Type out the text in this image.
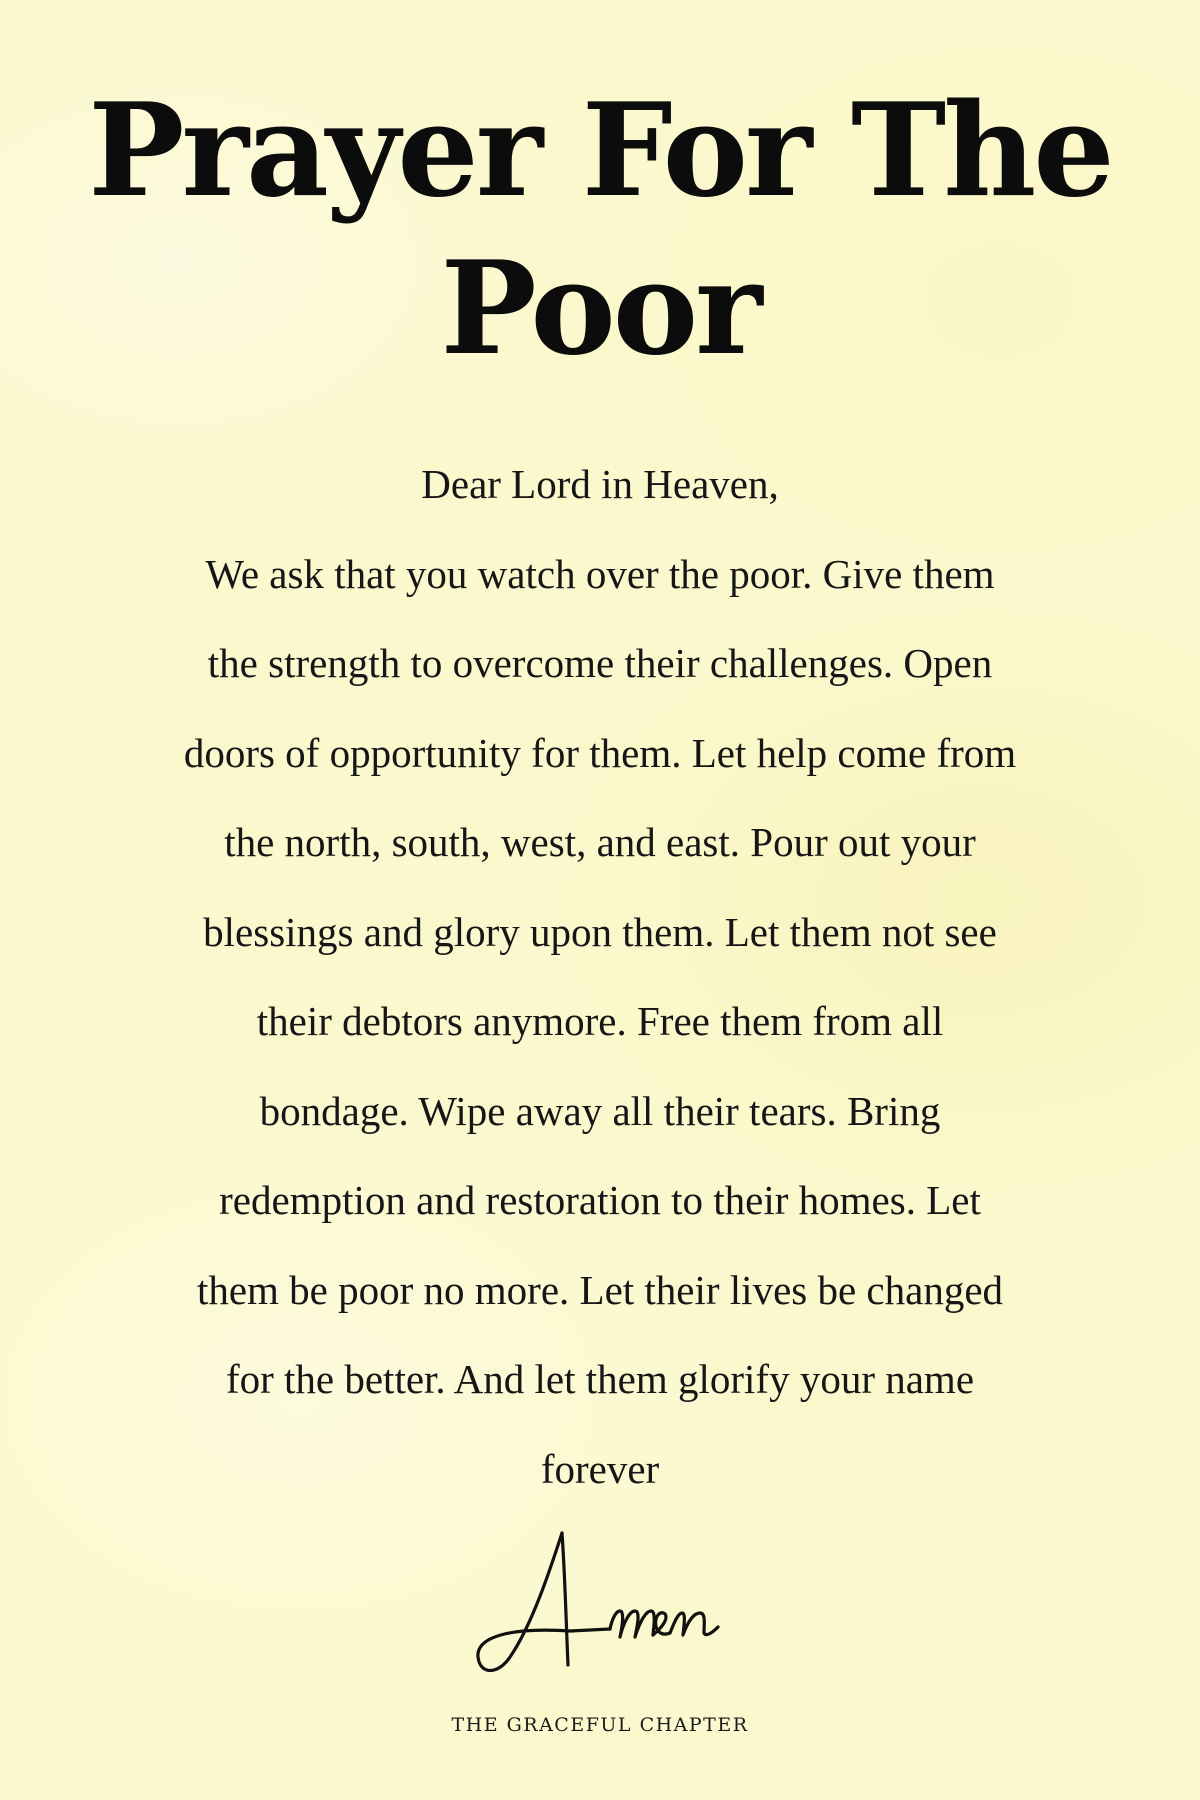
Prayer For The
Poor
Dear Lord in Heaven,
We ask that you watch over the poor. Give them
the strength to overcome their challenges. Open
doors of opportunity for them. Let help come from
the north, south, west, and east. Pour out your
blessings and glory upon them. Let them not see
their debtors anymore. Free them from all
bondage. Wipe away all their tears. Bring
redemption and restoration to their homes. Let
them be poor no more. Let their lives be changed
for the better. And let them glorify your name
forever
THE GRACEFUL CHAPTER
